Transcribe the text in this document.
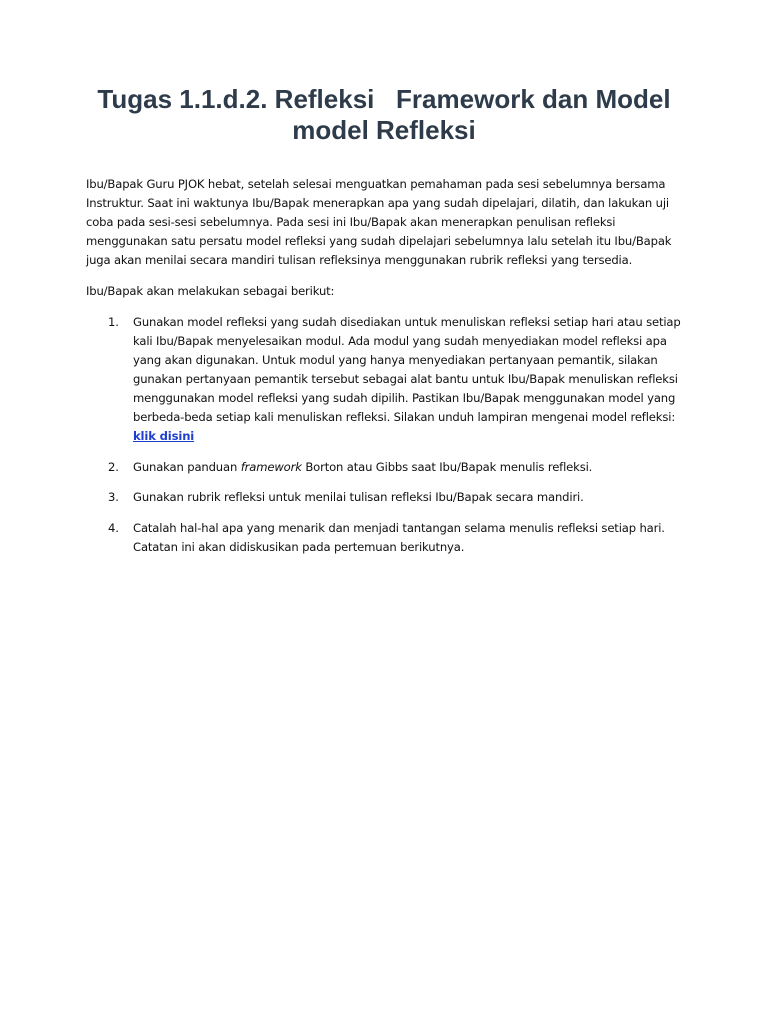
Tugas 1.1.d.2. Refleksi   Framework dan Model model Refleksi

Ibu/Bapak Guru PJOK hebat, setelah selesai menguatkan pemahaman pada sesi sebelumnya bersama Instruktur. Saat ini waktunya Ibu/Bapak menerapkan apa yang sudah dipelajari, dilatih, dan lakukan uji coba pada sesi-sesi sebelumnya. Pada sesi ini Ibu/Bapak akan menerapkan penulisan refleksi menggunakan satu persatu model refleksi yang sudah dipelajari sebelumnya lalu setelah itu Ibu/Bapak juga akan menilai secara mandiri tulisan refleksinya menggunakan rubrik refleksi yang tersedia.

Ibu/Bapak akan melakukan sebagai berikut:

1. Gunakan model refleksi yang sudah disediakan untuk menuliskan refleksi setiap hari atau setiap kali Ibu/Bapak menyelesaikan modul. Ada modul yang sudah menyediakan model refleksi apa yang akan digunakan. Untuk modul yang hanya menyediakan pertanyaan pemantik, silakan gunakan pertanyaan pemantik tersebut sebagai alat bantu untuk Ibu/Bapak menuliskan refleksi menggunakan model refleksi yang sudah dipilih. Pastikan Ibu/Bapak menggunakan model yang berbeda-beda setiap kali menuliskan refleksi. Silakan unduh lampiran mengenai model refleksi:
klik disini
2. Gunakan panduan framework Borton atau Gibbs saat Ibu/Bapak menulis refleksi.
3. Gunakan rubrik refleksi untuk menilai tulisan refleksi Ibu/Bapak secara mandiri.
4. Catalah hal-hal apa yang menarik dan menjadi tantangan selama menulis refleksi setiap hari. Catatan ini akan didiskusikan pada pertemuan berikutnya.
